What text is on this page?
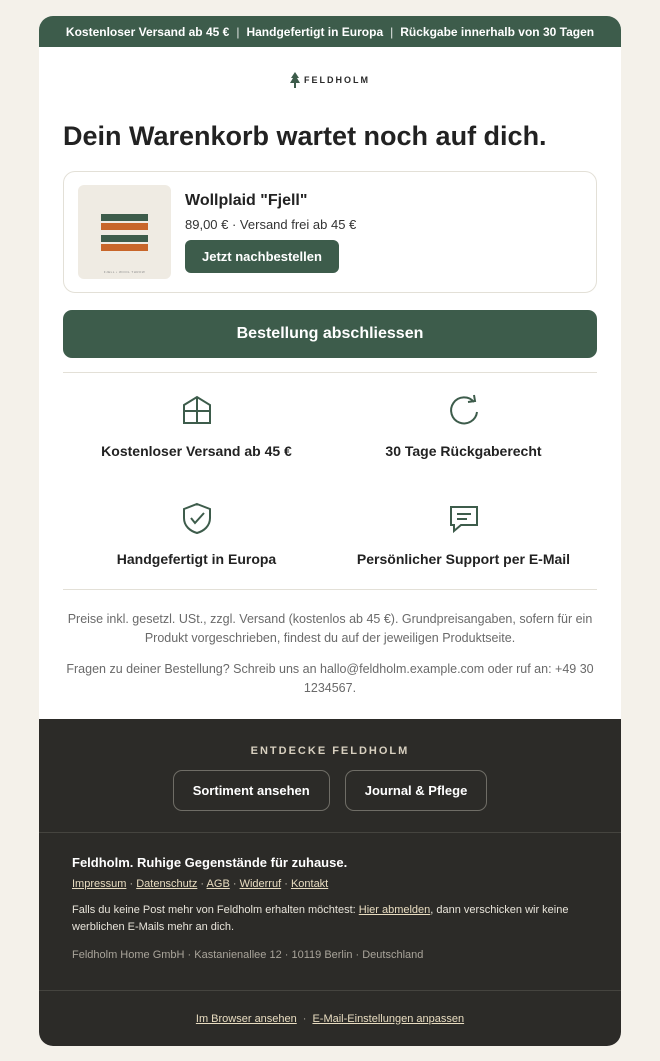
Kostenloser Versand ab 45 € | Handgefertigt in Europa | Rückgabe innerhalb von 30 Tagen
FELDHOLM
Dein Warenkorb wartet noch auf dich.
FJELL • WOOL THROW
Wollplaid "Fjell"
89,00 € · Versand frei ab 45 €
Jetzt nachbestellen
Bestellung abschliessen
Kostenloser Versand ab 45 €	30 Tage Rückgaberecht
Handgefertigt in Europa	Persönlicher Support per E-Mail

Preise inkl. gesetzl. USt., zzgl. Versand (kostenlos ab 45 €). Grundpreisangaben, sofern für ein Produkt vorgeschrieben, findest du auf der jeweiligen Produktseite.

Fragen zu deiner Bestellung? Schreib uns an hallo@feldholm.example.com oder ruf an: +49 30 1234567.

ENTDECKE FELDHOLM
Sortiment ansehen	Journal & Pflege
Feldholm. Ruhige Gegenstände für zuhause.
Impressum · Datenschutz · AGB · Widerruf · Kontakt
Falls du keine Post mehr von Feldholm erhalten möchtest: Hier abmelden, dann verschicken wir keine werblichen E-Mails mehr an dich.
Feldholm Home GmbH · Kastanienallee 12 · 10119 Berlin · Deutschland
Im Browser ansehen · E-Mail-Einstellungen anpassen
